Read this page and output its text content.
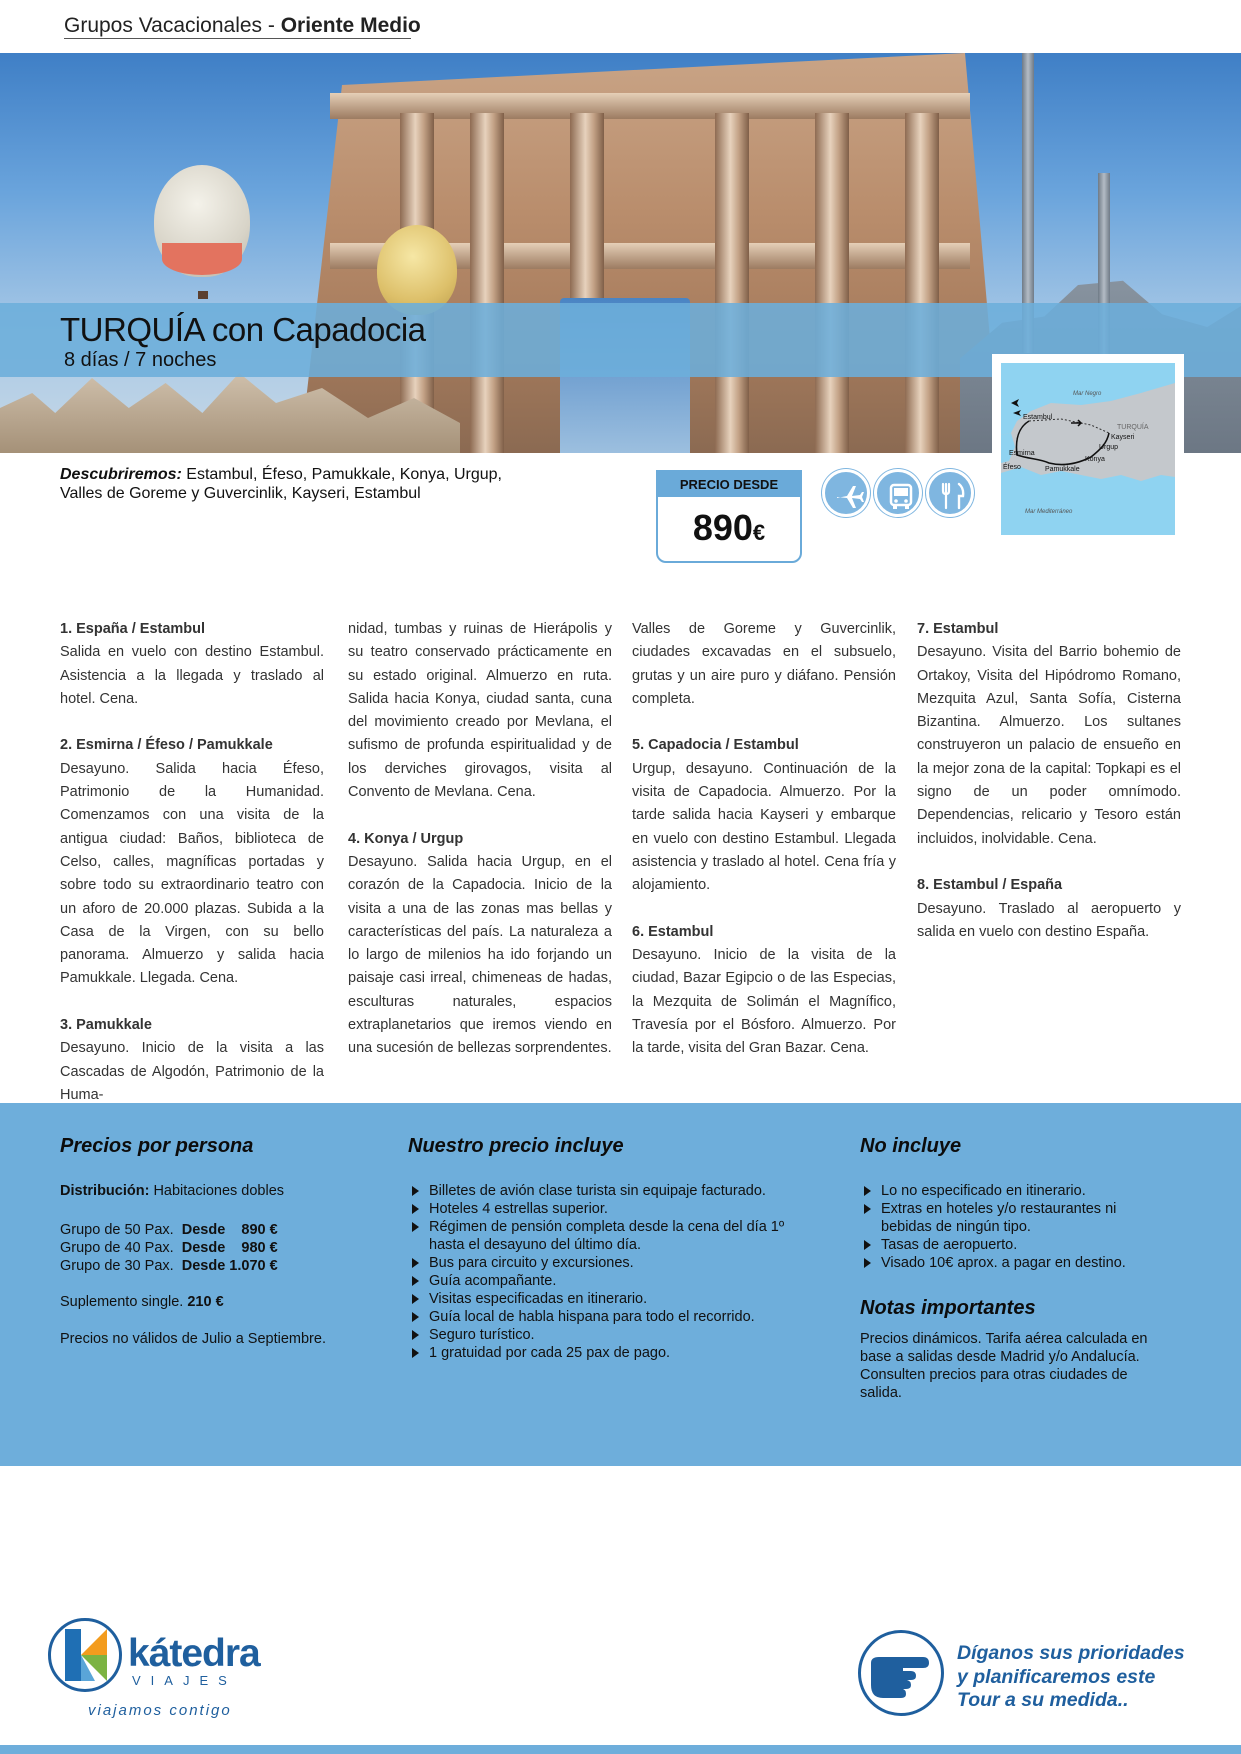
Grupos Vacacionales - Oriente Medio
TURQUÍA con Capadocia
8 días / 7 noches
Mar Negro
Mar Mediterráneo
TURQUÍA
Estambul
Kayseri
Urgup
Esmirna
Konya
Éfeso	Pamukkale
Descubriremos: Estambul, Éfeso, Pamukkale, Konya, Urgup, Valles de Goreme y Guvercinlik, Kayseri, Estambul
PRECIO DESDE
890€
1. España / Estambul
Salida en vuelo con destino Estambul. Asistencia a la llegada y traslado al hotel. Cena.
2. Esmirna / Éfeso / Pamukkale
Desayuno. Salida hacia Éfeso, Patrimonio de la Humanidad. Comenzamos con una visita de la antigua ciudad: Baños, biblioteca de Celso, calles, magníficas portadas y sobre todo su extraordinario teatro con un aforo de 20.000 plazas. Subida a la Casa de la Virgen, con su bello panorama. Almuerzo y salida hacia Pamukkale. Llegada. Cena.
3. Pamukkale
Desayuno. Inicio de la visita a las Cascadas de Algodón, Patrimonio de la Huma-
nidad, tumbas y ruinas de Hierápolis y su teatro conservado prácticamente en su estado original. Almuerzo en ruta. Salida hacia Konya, ciudad santa, cuna del movimiento creado por Mevlana, el sufismo de profunda espiritualidad y de los derviches girovagos, visita al Convento de Mevlana. Cena.
4. Konya / Urgup
Desayuno. Salida hacia Urgup, en el corazón de la Capadocia. Inicio de la visita a una de las zonas mas bellas y características del país. La naturaleza a lo largo de milenios ha ido forjando un paisaje casi irreal, chimeneas de hadas, esculturas naturales, espacios extraplanetarios que iremos viendo en una sucesión de bellezas sorprendentes.
Valles de Goreme y Guvercinlik, ciudades excavadas en el subsuelo, grutas y un aire puro y diáfano. Pensión completa.
5. Capadocia / Estambul
Urgup, desayuno. Continuación de la visita de Capadocia. Almuerzo. Por la tarde salida hacia Kayseri y embarque en vuelo con destino Estambul. Llegada asistencia y traslado al hotel. Cena fría y alojamiento.
6. Estambul
Desayuno. Inicio de la visita de la ciudad, Bazar Egipcio o de las Especias, la Mezquita de Solimán el Magnífico, Travesía por el Bósforo. Almuerzo. Por la tarde, visita del Gran Bazar. Cena.
7. Estambul
Desayuno. Visita del Barrio bohemio de Ortakoy, Visita del Hipódromo Romano, Mezquita Azul, Santa Sofía, Cisterna Bizantina. Almuerzo. Los sultanes construyeron un palacio de ensueño en la mejor zona de la capital: Topkapi es el signo de un poder omnímodo. Dependencias, relicario y Tesoro están incluidos, inolvidable. Cena.
8. Estambul / España
Desayuno. Traslado al aeropuerto y salida en vuelo con destino España.
Precios por persona
Distribución: Habitaciones dobles
Grupo de 50 Pax. Desde 890 €
Grupo de 40 Pax. Desde 980 €
Grupo de 30 Pax. Desde 1.070 €
Suplemento single. 210 €
Precios no válidos de Julio a Septiembre.
Nuestro precio incluye
Billetes de avión clase turista sin equipaje facturado.
Hoteles 4 estrellas superior.
Régimen de pensión completa desde la cena del día 1º hasta el desayuno del último día.
Bus para circuito y excursiones.
Guía acompañante.
Visitas especificadas en itinerario.
Guía local de habla hispana para todo el recorrido.
Seguro turístico.
1 gratuidad por cada 25 pax de pago.
No incluye
Lo no especificado en itinerario.
Extras en hoteles y/o restaurantes ni bebidas de ningún tipo.
Tasas de aeropuerto.
Visado 10€ aprox. a pagar en destino.
Notas importantes
Precios dinámicos. Tarifa aérea calculada en base a salidas desde Madrid y/o Andalucía. Consulten precios para otras ciudades de salida.
kátedra
VIAJES
viajamos contigo
Díganos sus prioridades
y planificaremos este
Tour a su medida..
